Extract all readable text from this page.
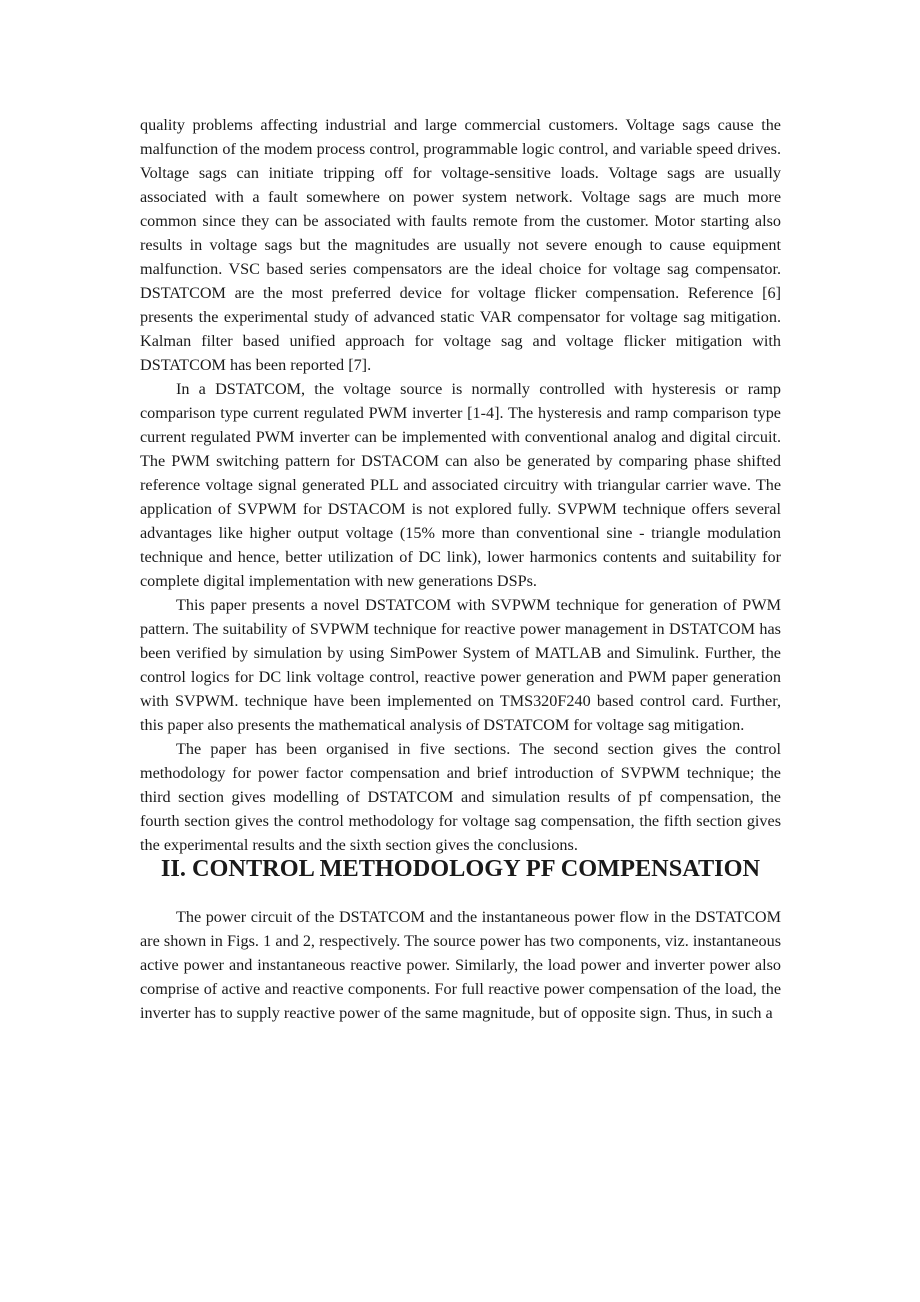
quality problems affecting industrial and large commercial customers. Voltage sags cause the malfunction of the modem process control, programmable logic control, and variable speed drives. Voltage sags can initiate tripping off for voltage-sensitive loads. Voltage sags are usually associated with a fault somewhere on power system network. Voltage sags are much more common since they can be associated with faults remote from the customer. Motor starting also results in voltage sags but the magnitudes are usually not severe enough to cause equipment malfunction. VSC based series compensators are the ideal choice for voltage sag compensator. DSTATCOM are the most preferred device for voltage flicker compensation. Reference [6] presents the experimental study of advanced static VAR compensator for voltage sag mitigation. Kalman filter based unified approach for voltage sag and voltage flicker mitigation with DSTATCOM has been reported [7].

In a DSTATCOM, the voltage source is normally controlled with hysteresis or ramp comparison type current regulated PWM inverter [1-4]. The hysteresis and ramp comparison type current regulated PWM inverter can be implemented with conventional analog and digital circuit. The PWM switching pattern for DSTACOM can also be generated by comparing phase shifted reference voltage signal generated PLL and associated circuitry with triangular carrier wave. The application of SVPWM for DSTACOM is not explored fully. SVPWM technique offers several advantages like higher output voltage (15% more than conventional sine - triangle modulation technique and hence, better utilization of DC link), lower harmonics contents and suitability for complete digital implementation with new generations DSPs.

This paper presents a novel DSTATCOM with SVPWM technique for generation of PWM pattern. The suitability of SVPWM technique for reactive power management in DSTATCOM has been verified by simulation by using SimPower System of MATLAB and Simulink. Further, the control logics for DC link voltage control, reactive power generation and PWM paper generation with SVPWM. technique have been implemented on TMS320F240 based control card. Further, this paper also presents the mathematical analysis of DSTATCOM for voltage sag mitigation.

The paper has been organised in five sections. The second section gives the control methodology for power factor compensation and brief introduction of SVPWM technique; the third section gives modelling of DSTATCOM and simulation results of pf compensation, the fourth section gives the control methodology for voltage sag compensation, the fifth section gives the experimental results and the sixth section gives the conclusions.

II. CONTROL METHODOLOGY PF COMPENSATION

The power circuit of the DSTATCOM and the instantaneous power flow in the DSTATCOM are shown in Figs. 1 and 2, respectively. The source power has two components, viz. instantaneous active power and instantaneous reactive power. Similarly, the load power and inverter power also comprise of active and reactive components. For full reactive power compensation of the load, the inverter has to supply reactive power of the same magnitude, but of opposite sign. Thus, in such a
